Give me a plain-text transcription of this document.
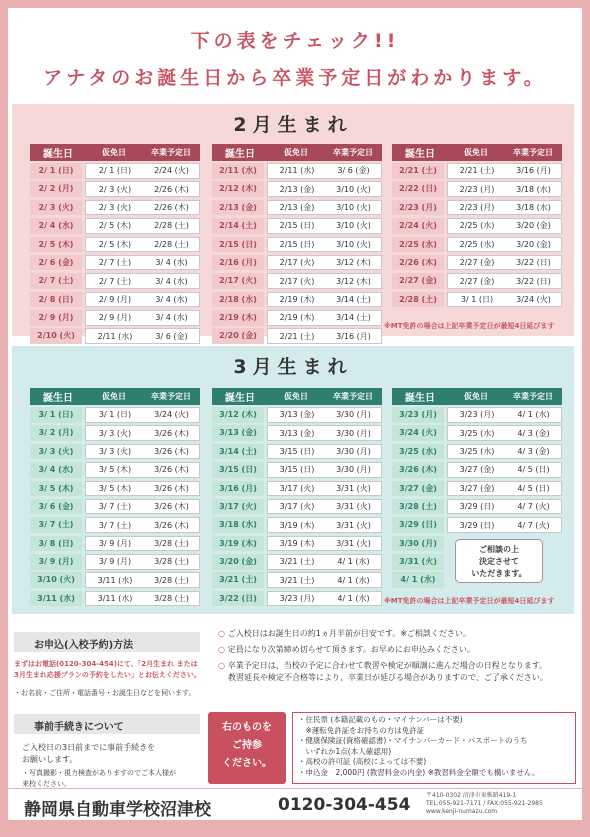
下の表をチェック!!
アナタのお誕生日から卒業予定日がわかります。
2月生まれ
誕生日	仮免日	卒業予定日
2/ 1 (日)	2/ 1 (日)	2/24 (火)
2/ 2 (月)	2/ 3 (火)	2/26 (木)
2/ 3 (火)	2/ 3 (火)	2/26 (木)
2/ 4 (水)	2/ 5 (木)	2/28 (土)
2/ 5 (木)	2/ 5 (木)	2/28 (土)
2/ 6 (金)	2/ 7 (土)	3/ 4 (水)
2/ 7 (土)	2/ 7 (土)	3/ 4 (水)
2/ 8 (日)	2/ 9 (月)	3/ 4 (水)
2/ 9 (月)	2/ 9 (月)	3/ 4 (水)
2/10 (火)	2/11 (水)	3/ 6 (金)
誕生日	仮免日	卒業予定日
2/11 (水)	2/11 (水)	3/ 6 (金)
2/12 (木)	2/13 (金)	3/10 (火)
2/13 (金)	2/13 (金)	3/10 (火)
2/14 (土)	2/15 (日)	3/10 (火)
2/15 (日)	2/15 (日)	3/10 (火)
2/16 (月)	2/17 (火)	3/12 (木)
2/17 (火)	2/17 (火)	3/12 (木)
2/18 (水)	2/19 (木)	3/14 (土)
2/19 (木)	2/19 (木)	3/14 (土)
2/20 (金)	2/21 (土)	3/16 (月)
誕生日	仮免日	卒業予定日
2/21 (土)	2/21 (土)	3/16 (月)
2/22 (日)	2/23 (月)	3/18 (水)
2/23 (月)	2/23 (月)	3/18 (水)
2/24 (火)	2/25 (水)	3/20 (金)
2/25 (水)	2/25 (水)	3/20 (金)
2/26 (木)	2/27 (金)	3/22 (日)
2/27 (金)	2/27 (金)	3/22 (日)
2/28 (土)	3/ 1 (日)	3/24 (火)
※MT免許の場合は上記卒業予定日が最短4日延びます
3月生まれ
誕生日	仮免日	卒業予定日
3/ 1 (日)	3/ 1 (日)	3/24 (火)
3/ 2 (月)	3/ 3 (火)	3/26 (木)
3/ 3 (火)	3/ 3 (火)	3/26 (木)
3/ 4 (水)	3/ 5 (木)	3/26 (木)
3/ 5 (木)	3/ 5 (木)	3/26 (木)
3/ 6 (金)	3/ 7 (土)	3/26 (木)
3/ 7 (土)	3/ 7 (土)	3/26 (木)
3/ 8 (日)	3/ 9 (月)	3/28 (土)
3/ 9 (月)	3/ 9 (月)	3/28 (土)
3/10 (火)	3/11 (水)	3/28 (土)
3/11 (水)	3/11 (水)	3/28 (土)
誕生日	仮免日	卒業予定日
3/12 (木)	3/13 (金)	3/30 (月)
3/13 (金)	3/13 (金)	3/30 (月)
3/14 (土)	3/15 (日)	3/30 (月)
3/15 (日)	3/15 (日)	3/30 (月)
3/16 (月)	3/17 (火)	3/31 (火)
3/17 (火)	3/17 (火)	3/31 (火)
3/18 (水)	3/19 (木)	3/31 (火)
3/19 (木)	3/19 (木)	3/31 (火)
3/20 (金)	3/21 (土)	4/ 1 (水)
3/21 (土)	3/21 (土)	4/ 1 (水)
3/22 (日)	3/23 (月)	4/ 1 (水)
誕生日	仮免日	卒業予定日
3/23 (月)	3/23 (月)	4/ 1 (水)
3/24 (火)	3/25 (水)	4/ 3 (金)
3/25 (水)	3/25 (水)	4/ 3 (金)
3/26 (木)	3/27 (金)	4/ 5 (日)
3/27 (金)	3/27 (金)	4/ 5 (日)
3/28 (土)	3/29 (日)	4/ 7 (火)
3/29 (日)	3/29 (日)	4/ 7 (火)
3/30 (月)
3/31 (火)
4/ 1 (水)
ご相談の上
決定させて
いただきます。
※MT免許の場合は上記卒業予定日が最短4日延びます
お申込(入校予約)方法
まずはお電話(0120-304-454)にて、「2月生まれ または
3月生まれ応援プランの予約をしたい」とお伝えください。
・お名前・ご住所・電話番号・お誕生日などを伺います。
事前手続きについて
ご入校日の3日前までに事前手続きを
お願いします。
・写真撮影・視力検査がありますのでご本人様が
来校ください。
○ ご入校日はお誕生日の約1ヵ月半前が目安です。※ご相談ください。
○ 定員になり次第締め切らせて頂きます。お早めにお申込みください。
○ 卒業予定日は、当校の予定に合わせて教習や検定が順調に進んだ場合の日程となります。
教習延長や検定不合格等により、卒業日が延びる場合がありますので、ご了承ください。
右のものを
ご持参
ください。
・住民票 (本籍記載のもの・マイナンバーは不要)
　※運転免許証をお持ちの方は免許証
・健康保険証(資格確認書)・マイナンバーカード・パスポートのうち
　いずれか1点(本人確認用)
・高校の許可証 (高校によっては不要)
・申込金　2,000円 (教習料金の内金) ※教習料金全額でも構いません。
静岡県自動車学校沼津校	0120-304-454	〒410-0302 沼津市東椎路419-1
TEL:055-921-7171 / FAX:055-921-2985
www.kenji-numazu.com
